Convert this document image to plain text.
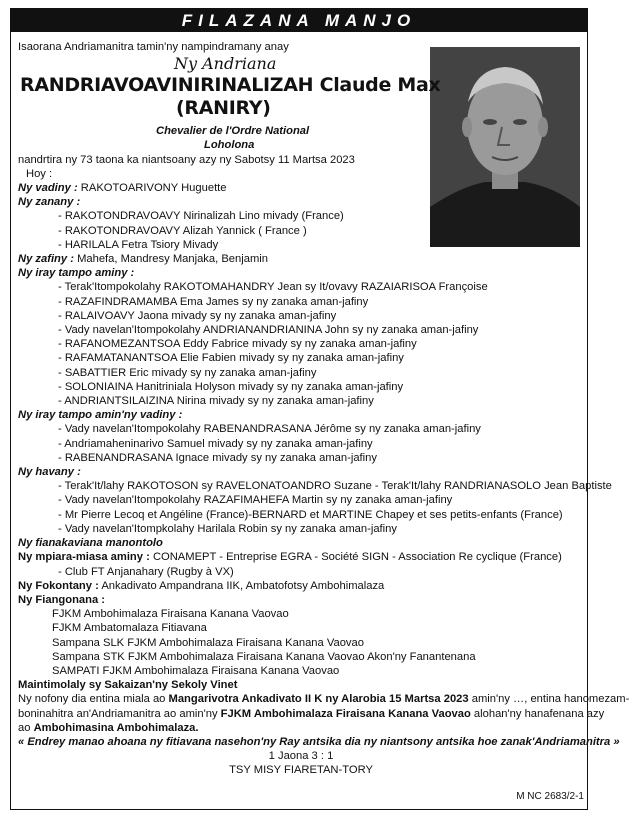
FILAZANA MANJO
Isaorana Andriamanitra tamin'ny nampindramany anay
Ny Andriana
RANDRIAVOAVINIRINALIZAH Claude Max
(RANIRY)
Chevalier de l'Ordre National
Loholona
nandrtira ny 73 taona ka niantsoany azy ny Sabotsy 11 Martsa 2023
Hoy :
Ny vadiny : RAKOTOARIVONY Huguette
Ny zanany :
- RAKOTONDRAVOAVY Nirinalizah Lino mivady (France)
- RAKOTONDRAVOAVY Alizah Yannick ( France )
- HARILALA Fetra Tsiory Mivady
Ny zafiny : Mahefa, Mandresy Manjaka, Benjamin
Ny iray tampo aminy :
- Terak'Itompokolahy RAKOTOMAHANDRY Jean sy It/ovavy RAZAIARISOA Françoise
- RAZAFINDRAMAMBA Ema James sy ny zanaka aman-jafiny
- RALAIVOAVY Jaona mivady sy ny zanaka aman-jafiny
- Vady navelan'Itompokolahy ANDRIANANDRIANINA John sy ny zanaka aman-jafiny
- RAFANOMEZANTSOA Eddy Fabrice mivady sy ny zanaka aman-jafiny
- RAFAMATANANTSOA Elie Fabien mivady sy ny zanaka aman-jafiny
- SABATTIER Eric mivady sy ny zanaka aman-jafiny
- SOLONIAINA Hanitriniala Holyson mivady sy ny zanaka aman-jafiny
- ANDRIANTSILAIZINA Nirina mivady sy ny zanaka aman-jafiny
Ny iray tampo amin'ny vadiny :
- Vady navelan'Itompokolahy RABENANDRASANA Jérôme sy ny zanaka aman-jafiny
- Andriamaheninarivo Samuel mivady sy ny zanaka aman-jafiny
- RABENANDRASANA Ignace mivady sy ny zanaka aman-jafiny
Ny havany :
- Terak'It/lahy RAKOTOSON sy RAVELONATOANDRO Suzane - Terak'It/lahy RANDRIANASOLO Jean Baptiste
- Vady navelan'Itompokolahy RAZAFIMAHEFA Martin sy ny zanaka aman-jafiny
- Mr Pierre Lecoq et Angéline (France)-BERNARD et MARTINE Chapey et ses petits-enfants (France)
- Vady navelan'Itompkolahy Harilala Robin sy ny zanaka aman-jafiny
Ny fianakaviana manontolo
Ny mpiara-miasa aminy : CONAMEPT - Entreprise EGRA - Société SIGN - Association Re cyclique (France)
- Club FT Anjanahary (Rugby à VX)
Ny Fokontany : Ankadivato Ampandrana IIK, Ambatofotsy Ambohimalaza
Ny Fiangonana :
FJKM Ambohimalaza Firaisana Kanana Vaovao
FJKM Ambatomalaza Fitiavana
Sampana SLK FJKM Ambohimalaza Firaisana Kanana Vaovao
Sampana STK FJKM Ambohimalaza Firaisana Kanana Vaovao Akon'ny Fanantenana
SAMPATI FJKM Ambohimalaza Firaisana Kanana Vaovao
Maintimolaly sy Sakaizan'ny Sekoly Vinet
Ny nofony dia entina miala ao Mangarivotra Ankadivato II K ny Alarobia 15 Martsa 2023 amin'ny …, entina hanomezam-
boninahitra an'Andriamanitra ao amin'ny FJKM Ambohimalaza Firaisana Kanana Vaovao alohan'ny hanafenana azy
ao Ambohimasina Ambohimalaza.
« Endrey manao ahoana ny fitiavana nasehon'ny Ray antsika dia ny niantsony antsika hoe zanak'Andriamanitra »
1 Jaona 3 : 1
TSY MISY FIARETAN-TORY
M NC 2683/2-1
